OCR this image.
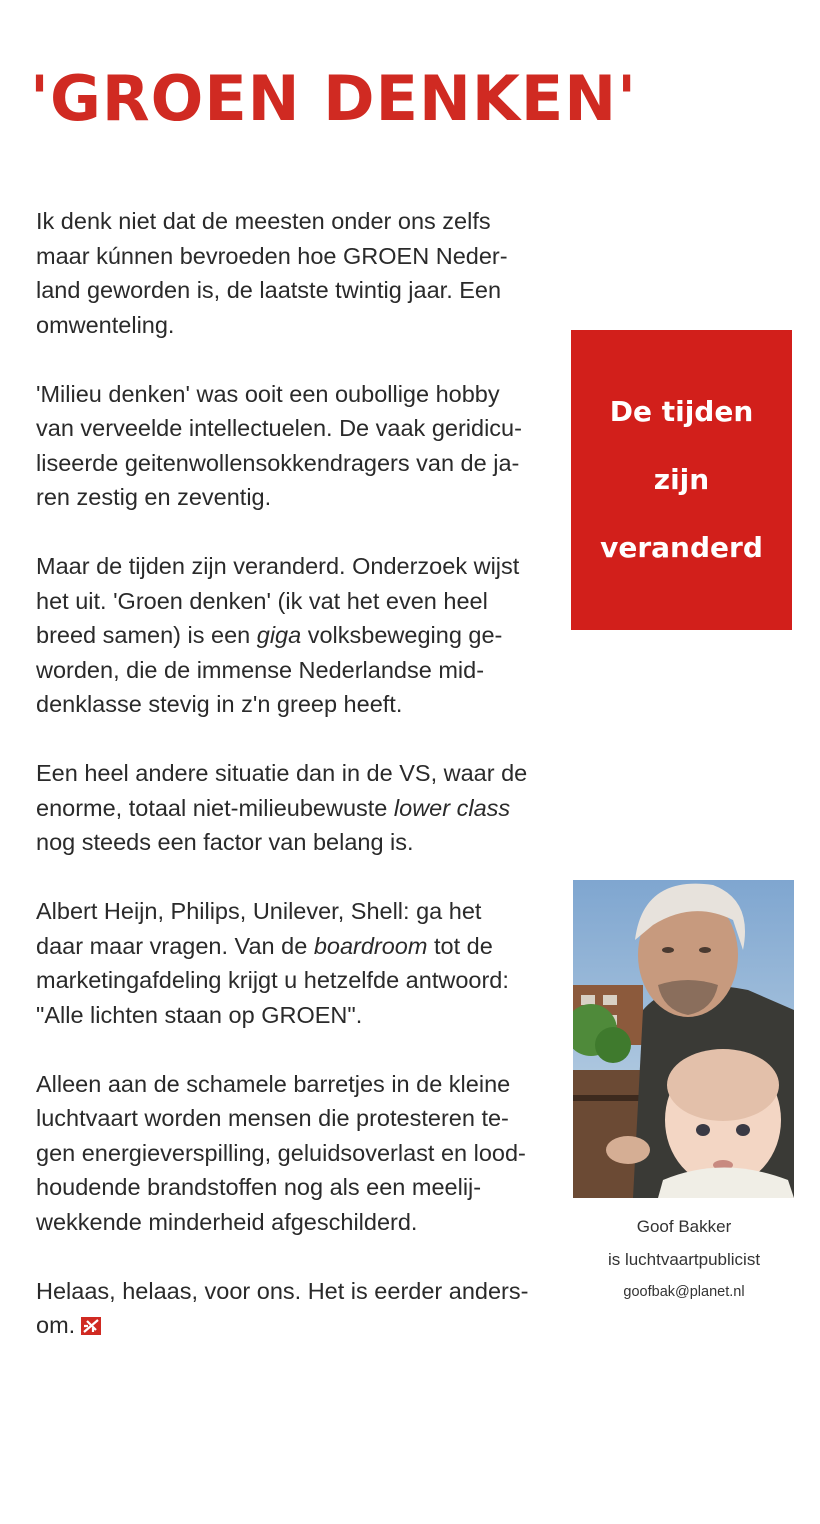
'GROEN DENKEN'

Ik denk niet dat de meesten onder ons zelfs
maar kúnnen bevroeden hoe GROEN Neder-
land geworden is, de laatste twintig jaar. Een
omwenteling.

'Milieu denken' was ooit een oubollige hobby
van verveelde intellectuelen. De vaak geridicu-
liseerde geitenwollensokkendragers van de ja-
ren zestig en zeventig.

Maar de tijden zijn veranderd. Onderzoek wijst
het uit. 'Groen denken' (ik vat het even heel
breed samen) is een giga volksbeweging ge-
worden, die de immense Nederlandse mid-
denklasse stevig in z'n greep heeft.

Een heel andere situatie dan in de VS, waar de
enorme, totaal niet-milieubewuste lower class
nog steeds een factor van belang is.

Albert Heijn, Philips, Unilever, Shell: ga het
daar maar vragen. Van de boardroom tot de
marketingafdeling krijgt u hetzelfde antwoord:
"Alle lichten staan op GROEN".

Alleen aan de schamele barretjes in de kleine
luchtvaart worden mensen die protesteren te-
gen energieverspilling, geluidsoverlast en lood-
houdende brandstoffen nog als een meelij-
wekkende minderheid afgeschilderd.

Helaas, helaas, voor ons. Het is eerder anders-
om.

De tijden
zijn
veranderd
Goof Bakker
is luchtvaartpublicist
goofbak@planet.nl
